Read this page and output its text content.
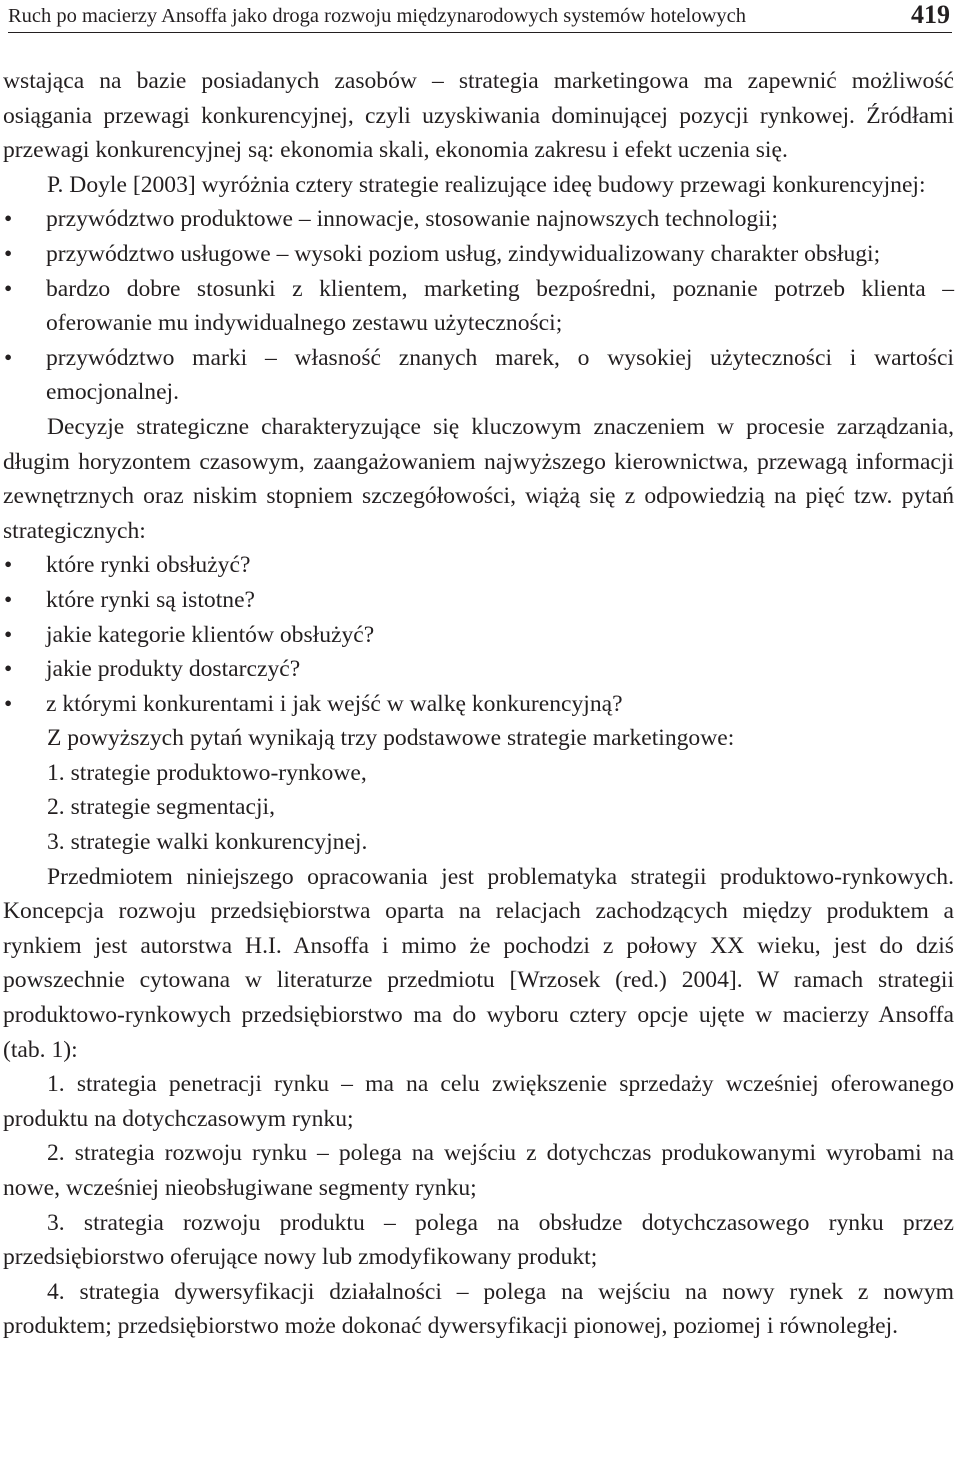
Ruch po macierzy Ansoffa jako droga rozwoju międzynarodowych systemów hotelowych	419

wstająca na bazie posiadanych zasobów – strategia marketingowa ma zapewnić możliwość osiągania przewagi konkurencyjnej, czyli uzyskiwania dominującej pozycji rynkowej. Źródłami przewagi konkurencyjnej są: ekonomia skali, ekonomia zakresu i efekt uczenia się.

P. Doyle [2003] wyróżnia cztery strategie realizujące ideę budowy przewagi konkurencyjnej:

• przywództwo produktowe – innowacje, stosowanie najnowszych technologii;
• przywództwo usługowe – wysoki poziom usług, zindywidualizowany charakter obsługi;
• bardzo dobre stosunki z klientem, marketing bezpośredni, poznanie potrzeb klienta – oferowanie mu indywidualnego zestawu użyteczności;
• przywództwo marki – własność znanych marek, o wysokiej użyteczności i wartości emocjonalnej.

Decyzje strategiczne charakteryzujące się kluczowym znaczeniem w procesie zarządzania, długim horyzontem czasowym, zaangażowaniem najwyższego kierownictwa, przewagą informacji zewnętrznych oraz niskim stopniem szczegółowości, wiążą się z odpowiedzią na pięć tzw. pytań strategicznych:

• które rynki obsłużyć?
• które rynki są istotne?
• jakie kategorie klientów obsłużyć?
• jakie produkty dostarczyć?
• z którymi konkurentami i jak wejść w walkę konkurencyjną?

Z powyższych pytań wynikają trzy podstawowe strategie marketingowe:

1. strategie produktowo-rynkowe,
2. strategie segmentacji,
3. strategie walki konkurencyjnej.

Przedmiotem niniejszego opracowania jest problematyka strategii produktowo-rynkowych. Koncepcja rozwoju przedsiębiorstwa oparta na relacjach zachodzących między produktem a rynkiem jest autorstwa H.I. Ansoffa i mimo że pochodzi z połowy XX wieku, jest do dziś powszechnie cytowana w literaturze przedmiotu [Wrzosek (red.) 2004]. W ramach strategii produktowo-rynkowych przedsiębiorstwo ma do wyboru cztery opcje ujęte w macierzy Ansoffa (tab. 1):

1. strategia penetracji rynku – ma na celu zwiększenie sprzedaży wcześniej oferowanego produktu na dotychczasowym rynku;
2. strategia rozwoju rynku – polega na wejściu z dotychczas produkowanymi wyrobami na nowe, wcześniej nieobsługiwane segmenty rynku;
3. strategia rozwoju produktu – polega na obsłudze dotychczasowego rynku przez przedsiębiorstwo oferujące nowy lub zmodyfikowany produkt;
4. strategia dywersyfikacji działalności – polega na wejściu na nowy rynek z nowym produktem; przedsiębiorstwo może dokonać dywersyfikacji pionowej, poziomej i równoległej.
